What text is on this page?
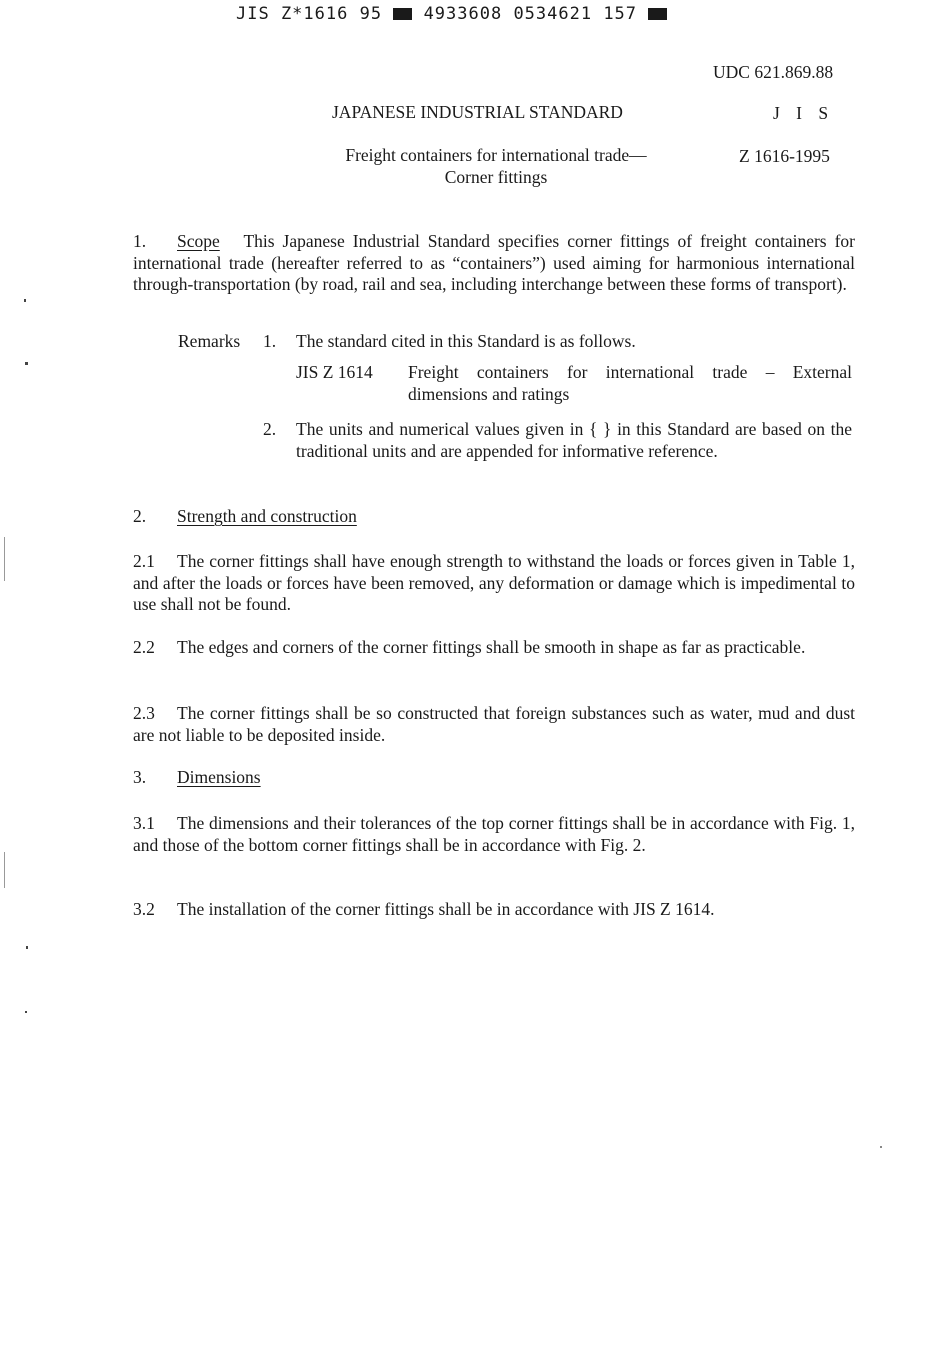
JIS Z*1616 95 4933608 0534621 157
UDC 621.869.88
JAPANESE INDUSTRIAL STANDARD	J I S
Freight containers for international trade—
Corner fittings
Z 1616-1995
1. Scope This Japanese Industrial Standard specifies corner fittings of freight containers for international trade (hereafter referred to as “containers”) used aiming for harmonious international through-transportation (by road, rail and sea, including interchange between these forms of transport).
Remarks 1. The standard cited in this Standard is as follows.
JIS Z 1614 Freight containers for international trade – External dimensions and ratings
2. The units and numerical values given in { } in this Standard are based on the traditional units and are appended for informative reference.
2. Strength and construction
2.1 The corner fittings shall have enough strength to withstand the loads or forces given in Table 1, and after the loads or forces have been removed, any deformation or damage which is impedimental to use shall not be found.
2.2 The edges and corners of the corner fittings shall be smooth in shape as far as practicable.
2.3 The corner fittings shall be so constructed that foreign substances such as water, mud and dust are not liable to be deposited inside.
3. Dimensions
3.1 The dimensions and their tolerances of the top corner fittings shall be in accordance with Fig. 1, and those of the bottom corner fittings shall be in accordance with Fig. 2.
3.2 The installation of the corner fittings shall be in accordance with JIS Z 1614.
